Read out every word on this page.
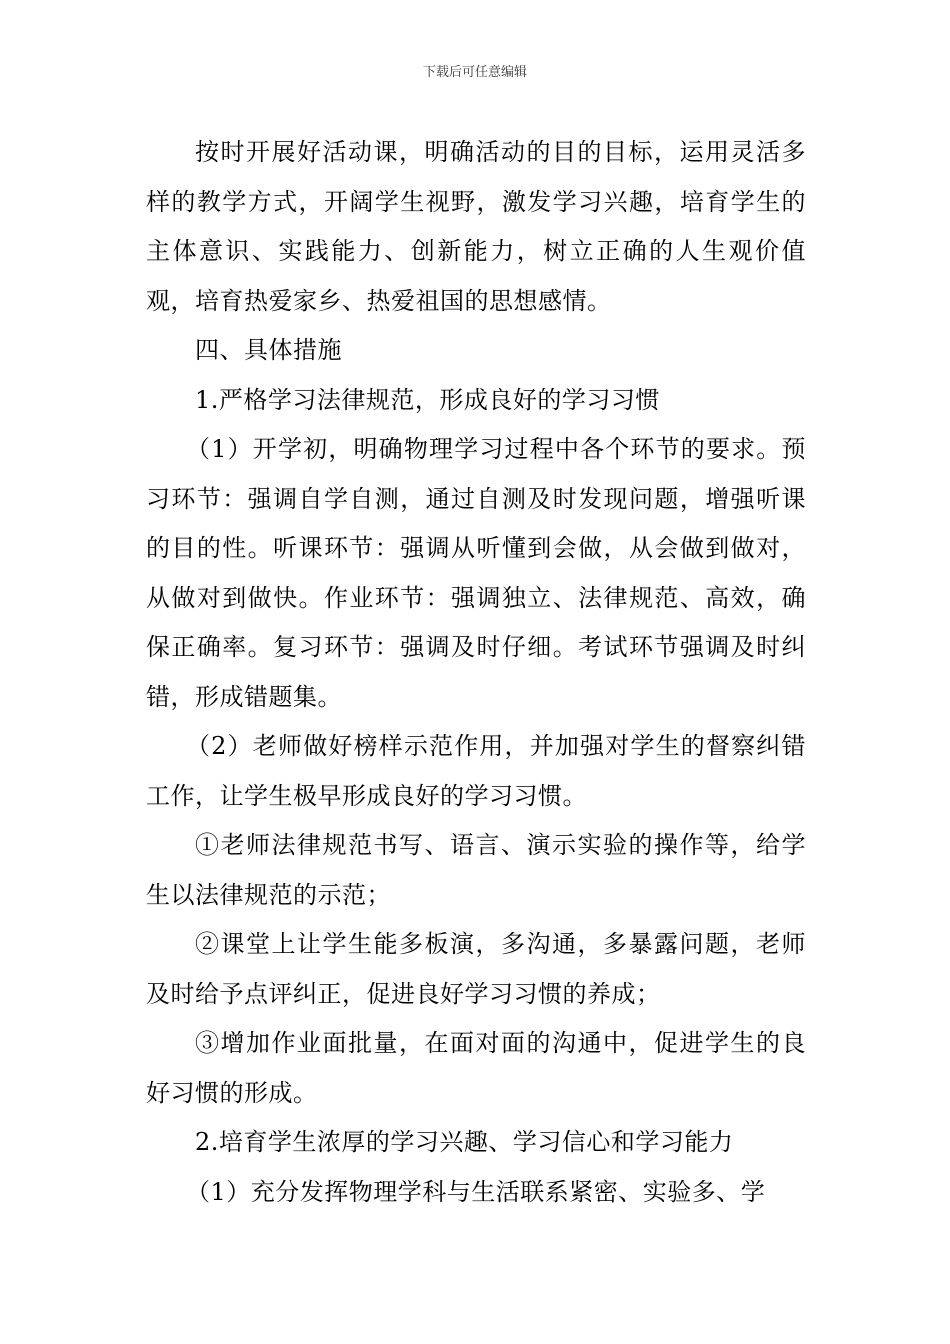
下载后可任意编辑

按时开展好活动课，明确活动的目的目标，运用灵活多样的教学方式，开阔学生视野，激发学习兴趣，培育学生的主体意识、实践能力、创新能力，树立正确的人生观价值观，培育热爱家乡、热爱祖国的思想感情。

四、具体措施

1.严格学习法律规范，形成良好的学习习惯

（1）开学初，明确物理学习过程中各个环节的要求。预习环节：强调自学自测，通过自测及时发现问题，增强听课的目的性。听课环节：强调从听懂到会做，从会做到做对，从做对到做快。作业环节：强调独立、法律规范、高效，确保正确率。复习环节：强调及时仔细。考试环节强调及时纠错，形成错题集。

（2）老师做好榜样示范作用，并加强对学生的督察纠错工作，让学生极早形成良好的学习习惯。

①老师法律规范书写、语言、演示实验的操作等，给学生以法律规范的示范；

②课堂上让学生能多板演，多沟通，多暴露问题，老师及时给予点评纠正，促进良好学习习惯的养成；

③增加作业面批量，在面对面的沟通中，促进学生的良好习惯的形成。

2.培育学生浓厚的学习兴趣、学习信心和学习能力

（1）充分发挥物理学科与生活联系紧密、实验多、学
